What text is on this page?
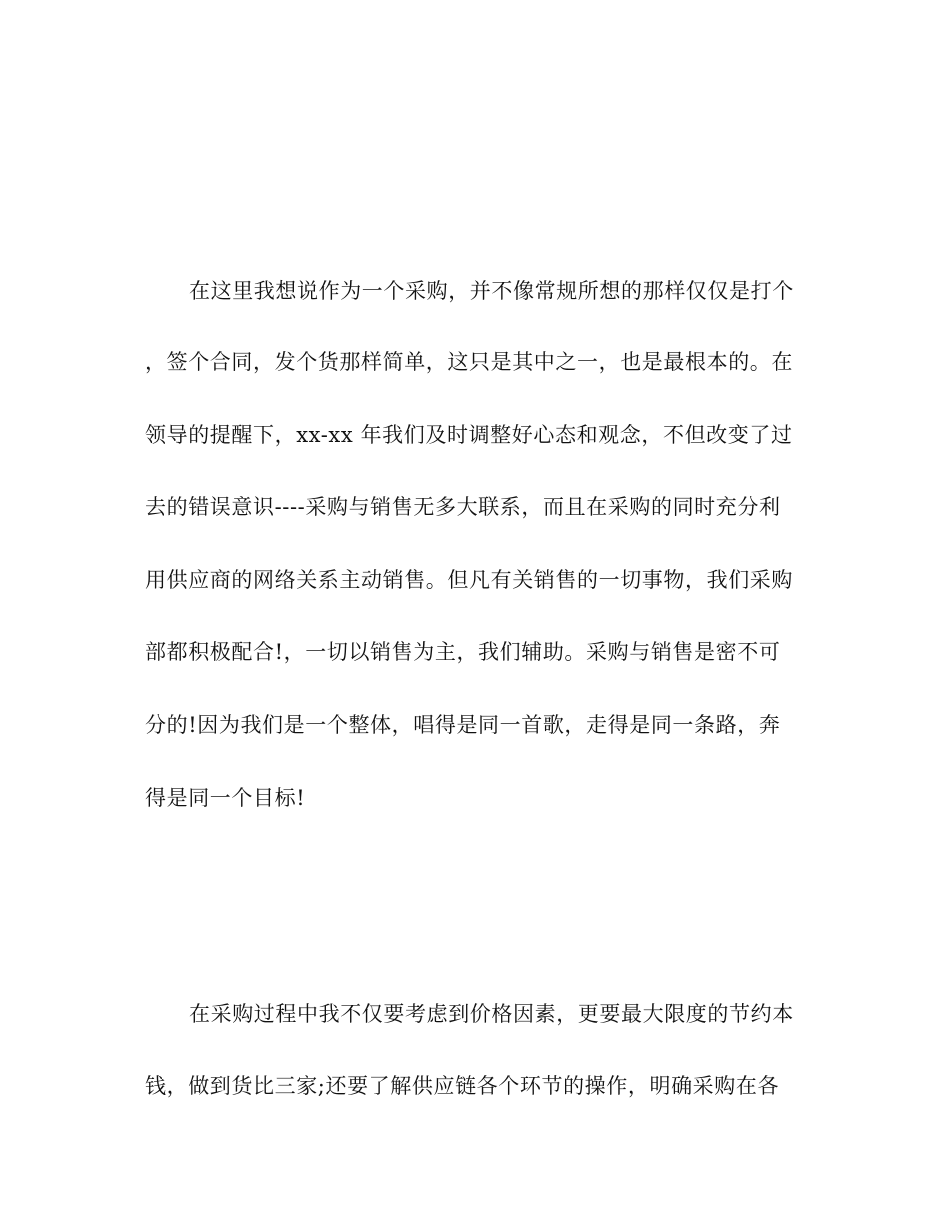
在这里我想说作为一个采购，并不像常规所想的那样仅仅是打个
，签个合同，发个货那样简单，这只是其中之一，也是最根本的。在
领导的提醒下，xx-xx 年我们及时调整好心态和观念，不但改变了过
去的错误意识----采购与销售无多大联系，而且在采购的同时充分利
用供应商的网络关系主动销售。但凡有关销售的一切事物，我们采购
部都积极配合!，一切以销售为主，我们辅助。采购与销售是密不可
分的!因为我们是一个整体，唱得是同一首歌，走得是同一条路，奔
得是同一个目标!
在采购过程中我不仅要考虑到价格因素，更要最大限度的节约本
钱，做到货比三家;还要了解供应链各个环节的操作，明确采购在各
